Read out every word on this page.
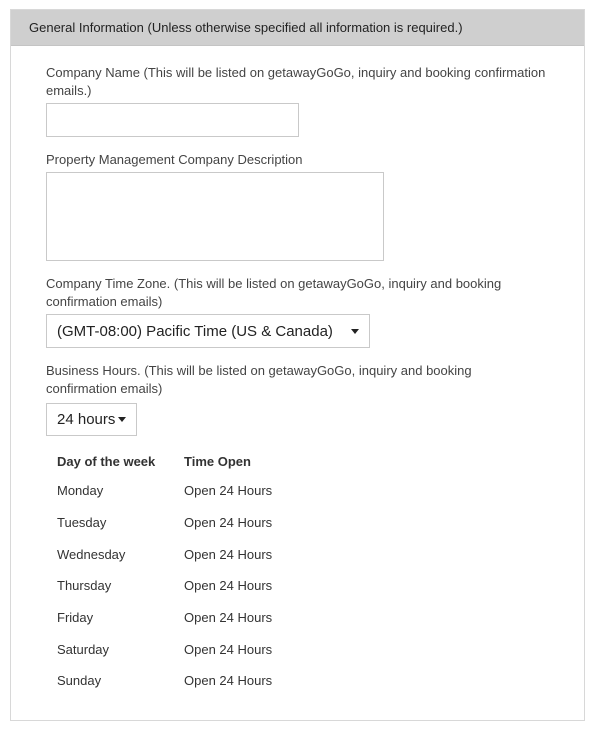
General Information (Unless otherwise specified all information is required.)
Company Name (This will be listed on getawayGoGo, inquiry and booking confirmation emails.)
Property Management Company Description
Company Time Zone. (This will be listed on getawayGoGo, inquiry and booking confirmation emails)
(GMT-08:00) Pacific Time (US & Canada)
Business Hours. (This will be listed on getawayGoGo, inquiry and booking confirmation emails)
24 hours
Day of the week	Time Open
Monday	Open 24 Hours
Tuesday	Open 24 Hours
Wednesday	Open 24 Hours
Thursday	Open 24 Hours
Friday	Open 24 Hours
Saturday	Open 24 Hours
Sunday	Open 24 Hours
